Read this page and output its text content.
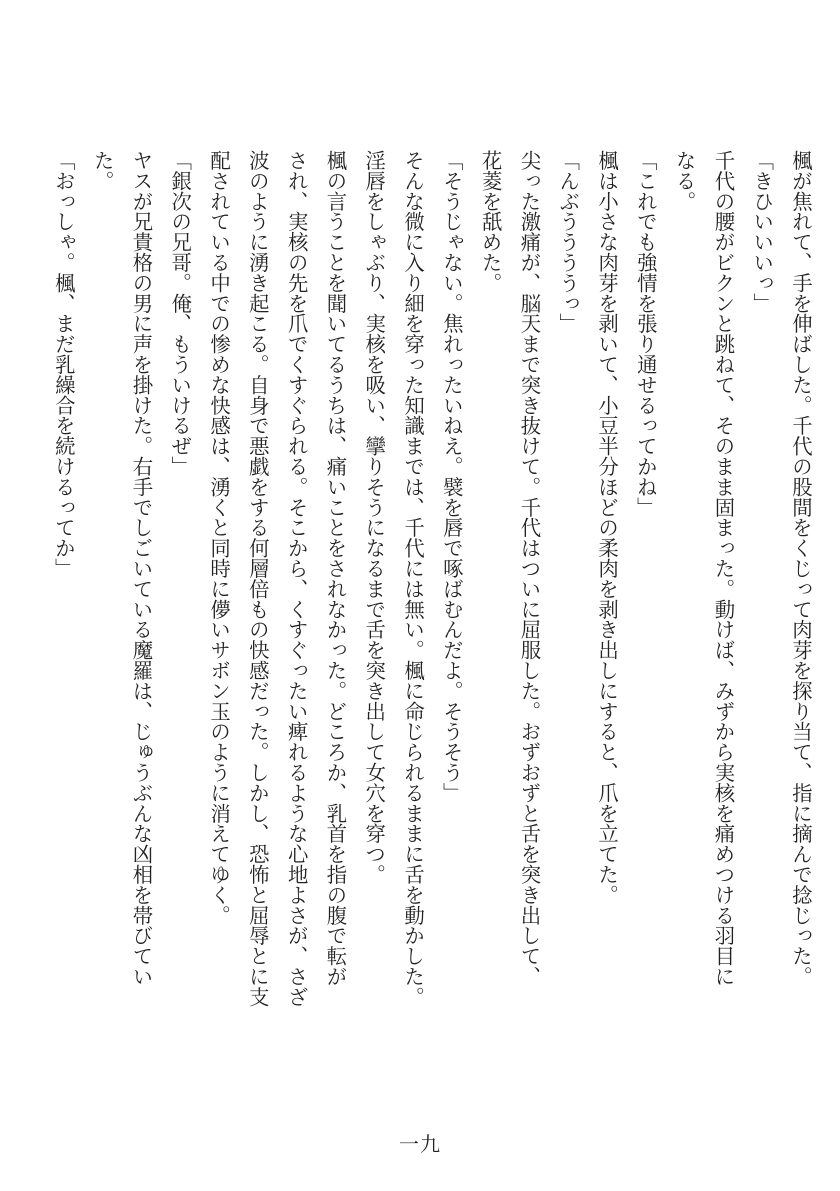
楓が焦れて、手を伸ばした。千代の股間をくじって肉芽を探り当て、指に摘んで捻じった。
「きひいいいっ」
千代の腰がビクンと跳ねて、そのまま固まった。動けば、みずから実核を痛めつける羽目に
なる。
「これでも強情を張り通せるってかね」
楓は小さな肉芽を剥いて、小豆半分ほどの柔肉を剥き出しにすると、爪を立てた。
「んぶううううっ」
尖った激痛が、脳天まで突き抜けて。千代はついに屈服した。おずおずと舌を突き出して、
花菱を舐めた。
「そうじゃない。焦れったいねえ。襞を唇で啄ばむんだよ。そうそう」
そんな微に入り細を穿った知識までは、千代には無い。楓に命じられるままに舌を動かした。
淫唇をしゃぶり、実核を吸い、攣りそうになるまで舌を突き出して女穴を穿つ。
楓の言うことを聞いてるうちは、痛いことをされなかった。どころか、乳首を指の腹で転が
され、実核の先を爪でくすぐられる。そこから、くすぐったい痺れるような心地よさが、さざ
波のように湧き起こる。自身で悪戯をする何層倍もの快感だった。しかし、恐怖と屈辱とに支
配されている中での惨めな快感は、湧くと同時に儚いサボン玉のように消えてゆく。
「銀次の兄哥。俺、もういけるぜ」
ヤスが兄貴格の男に声を掛けた。右手でしごいている魔羅は、じゅうぶんな凶相を帯びてい
た。
「おっしゃ。楓、まだ乳繰合を続けるってか」
一九
